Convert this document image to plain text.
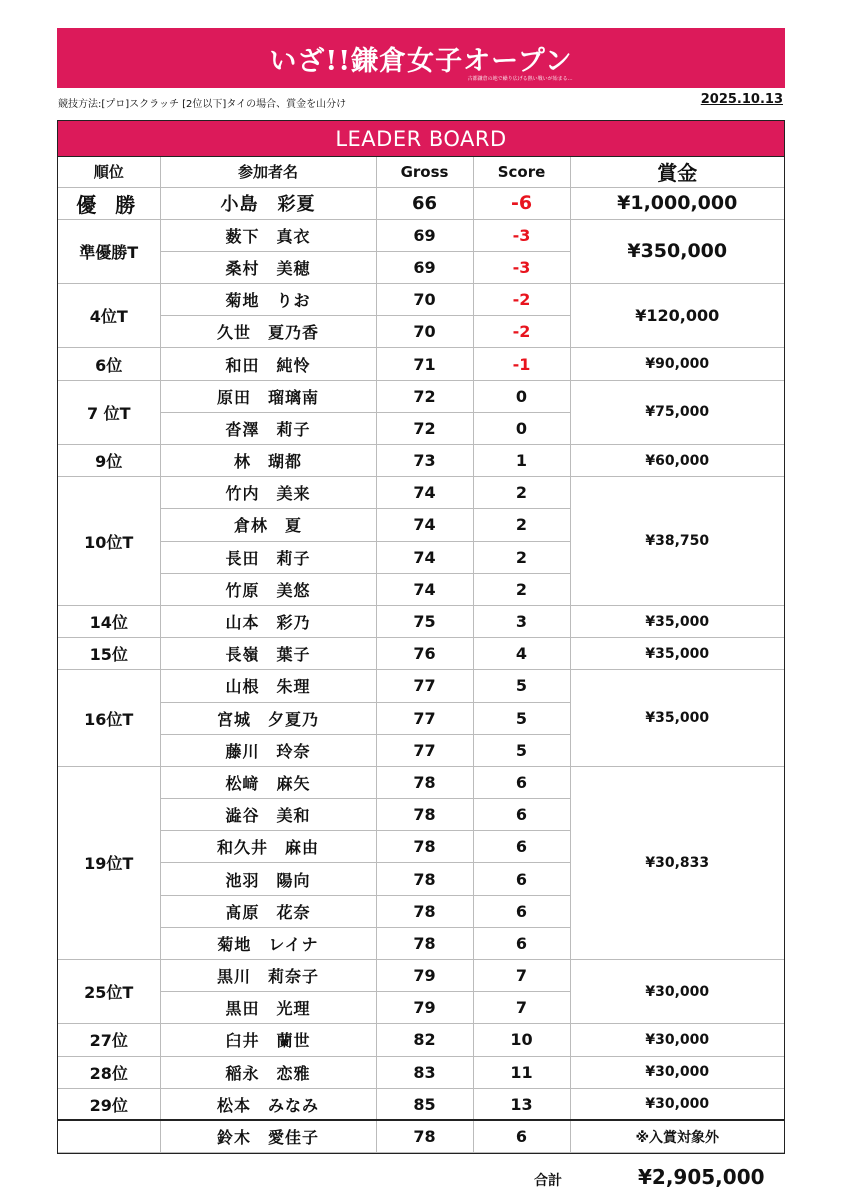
いざ!!鎌倉女子オープン
古都鎌倉の地で繰り広げる熱い戦いが始まる…
競技方法:[プロ]スクラッチ [2位以下]タイの場合、賞金を山分け	2025.10.13
LEADER BOARD
順位	参加者名	Gross	Score	賞金
優 勝	小島　彩夏	66	-6	¥1,000,000
準優勝T	薮下　真衣	69	-3	¥350,000
	桑村　美穂	69	-3	
4位T	菊地　りお	70	-2	¥120,000
	久世　夏乃香	70	-2	
6位	和田　純怜	71	-1	¥90,000
7 位T	原田　瑠璃南	72	0	¥75,000
	沓澤　莉子	72	0	
9位	林　瑚都	73	1	¥60,000
10位T	竹内　美来	74	2	¥38,750
	倉林　夏	74	2	
	長田　莉子	74	2	
	竹原　美悠	74	2	
14位	山本　彩乃	75	3	¥35,000
15位	長嶺　葉子	76	4	¥35,000
16位T	山根　朱理	77	5	¥35,000
	宮城　夕夏乃	77	5	
	藤川　玲奈	77	5	
19位T	松﨑　麻矢	78	6	¥30,833
	澁谷　美和	78	6	
	和久井　麻由	78	6	
	池羽　陽向	78	6	
	髙原　花奈	78	6	
	菊地　レイナ	78	6	
25位T	黒川　莉奈子	79	7	¥30,000
	黒田　光理	79	7	
27位	臼井　蘭世	82	10	¥30,000
28位	稲永　恋雅	83	11	¥30,000
29位	松本　みなみ	85	13	¥30,000
	鈴木　愛佳子	78	6	※入賞対象外
合計	¥2,905,000
